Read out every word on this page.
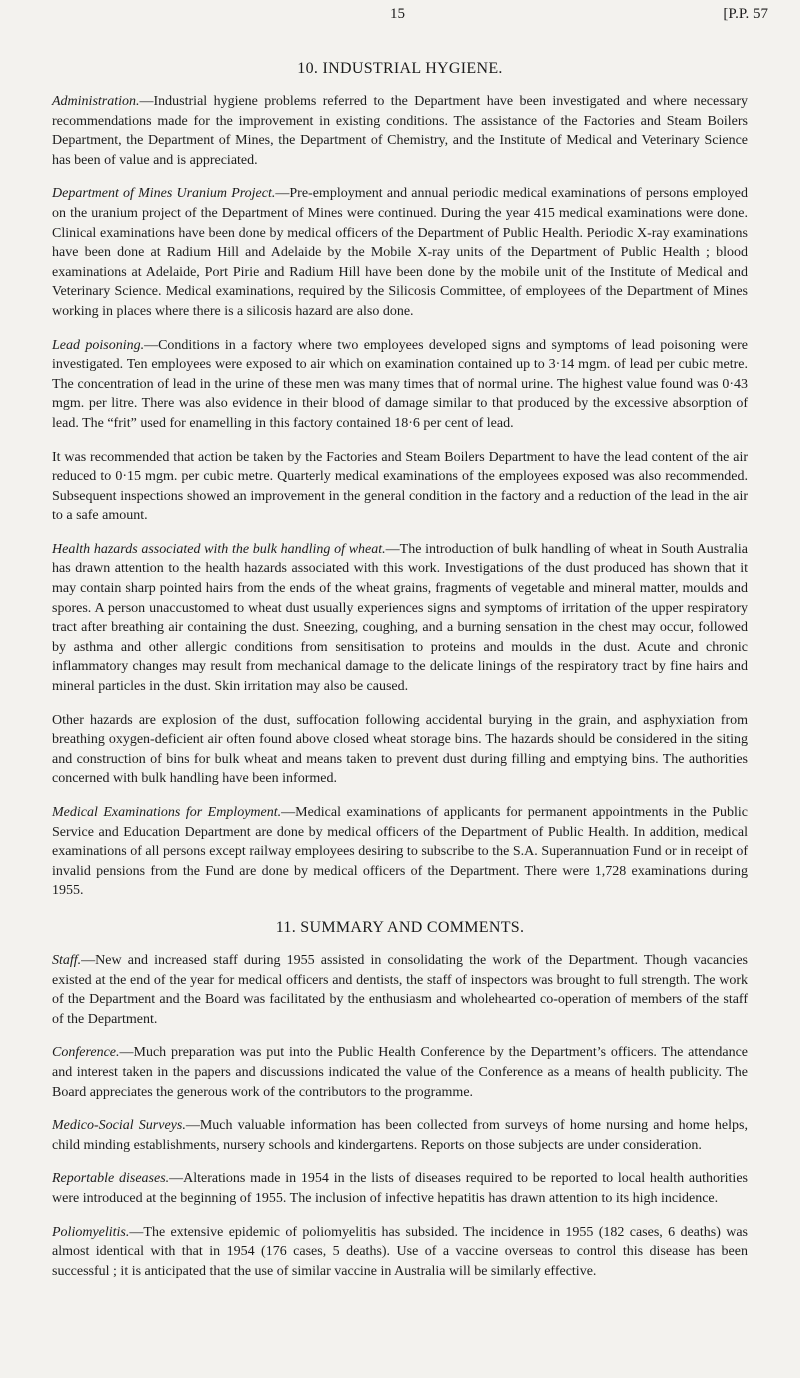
15	[P.P. 57
10. INDUSTRIAL HYGIENE.

Administration.—Industrial hygiene problems referred to the Department have been investigated and where necessary recommendations made for the improvement in existing conditions. The assistance of the Factories and Steam Boilers Department, the Department of Mines, the Department of Chemistry, and the Institute of Medical and Veterinary Science has been of value and is appreciated.

Department of Mines Uranium Project.—Pre-employment and annual periodic medical examinations of persons employed on the uranium project of the Department of Mines were continued. During the year 415 medical examinations were done. Clinical examinations have been done by medical officers of the Department of Public Health. Periodic X-ray examinations have been done at Radium Hill and Adelaide by the Mobile X-ray units of the Department of Public Health ; blood examinations at Adelaide, Port Pirie and Radium Hill have been done by the mobile unit of the Institute of Medical and Veterinary Science. Medical examinations, required by the Silicosis Committee, of employees of the Department of Mines working in places where there is a silicosis hazard are also done.

Lead poisoning.—Conditions in a factory where two employees developed signs and symptoms of lead poisoning were investigated. Ten employees were exposed to air which on examination contained up to 3·14 mgm. of lead per cubic metre. The concentration of lead in the urine of these men was many times that of normal urine. The highest value found was 0·43 mgm. per litre. There was also evidence in their blood of damage similar to that produced by the excessive absorption of lead. The “frit” used for enamelling in this factory contained 18·6 per cent of lead.

It was recommended that action be taken by the Factories and Steam Boilers Department to have the lead content of the air reduced to 0·15 mgm. per cubic metre. Quarterly medical examinations of the employees exposed was also recommended. Subsequent inspections showed an improvement in the general condition in the factory and a reduction of the lead in the air to a safe amount.

Health hazards associated with the bulk handling of wheat.—The introduction of bulk handling of wheat in South Australia has drawn attention to the health hazards associated with this work. Investigations of the dust produced has shown that it may contain sharp pointed hairs from the ends of the wheat grains, fragments of vegetable and mineral matter, moulds and spores. A person unaccustomed to wheat dust usually experiences signs and symptoms of irritation of the upper respiratory tract after breathing air containing the dust. Sneezing, coughing, and a burning sensation in the chest may occur, followed by asthma and other allergic conditions from sensitisation to proteins and moulds in the dust. Acute and chronic inflammatory changes may result from mechanical damage to the delicate linings of the respiratory tract by fine hairs and mineral particles in the dust. Skin irritation may also be caused.

Other hazards are explosion of the dust, suffocation following accidental burying in the grain, and asphyxiation from breathing oxygen-deficient air often found above closed wheat storage bins. The hazards should be considered in the siting and construction of bins for bulk wheat and means taken to prevent dust during filling and emptying bins. The authorities concerned with bulk handling have been informed.

Medical Examinations for Employment.—Medical examinations of applicants for permanent appointments in the Public Service and Education Department are done by medical officers of the Department of Public Health. In addition, medical examinations of all persons except railway employees desiring to subscribe to the S.A. Superannuation Fund or in receipt of invalid pensions from the Fund are done by medical officers of the Department. There were 1,728 examinations during 1955.

11. SUMMARY AND COMMENTS.

Staff.—New and increased staff during 1955 assisted in consolidating the work of the Department. Though vacancies existed at the end of the year for medical officers and dentists, the staff of inspectors was brought to full strength. The work of the Department and the Board was facilitated by the enthusiasm and wholehearted co-operation of members of the staff of the Department.

Conference.—Much preparation was put into the Public Health Conference by the Department’s officers. The attendance and interest taken in the papers and discussions indicated the value of the Conference as a means of health publicity. The Board appreciates the generous work of the contributors to the programme.

Medico-Social Surveys.—Much valuable information has been collected from surveys of home nursing and home helps, child minding establishments, nursery schools and kindergartens. Reports on those subjects are under consideration.

Reportable diseases.—Alterations made in 1954 in the lists of diseases required to be reported to local health authorities were introduced at the beginning of 1955. The inclusion of infective hepatitis has drawn attention to its high incidence.

Poliomyelitis.—The extensive epidemic of poliomyelitis has subsided. The incidence in 1955 (182 cases, 6 deaths) was almost identical with that in 1954 (176 cases, 5 deaths). Use of a vaccine overseas to control this disease has been successful ; it is anticipated that the use of similar vaccine in Australia will be similarly effective.
